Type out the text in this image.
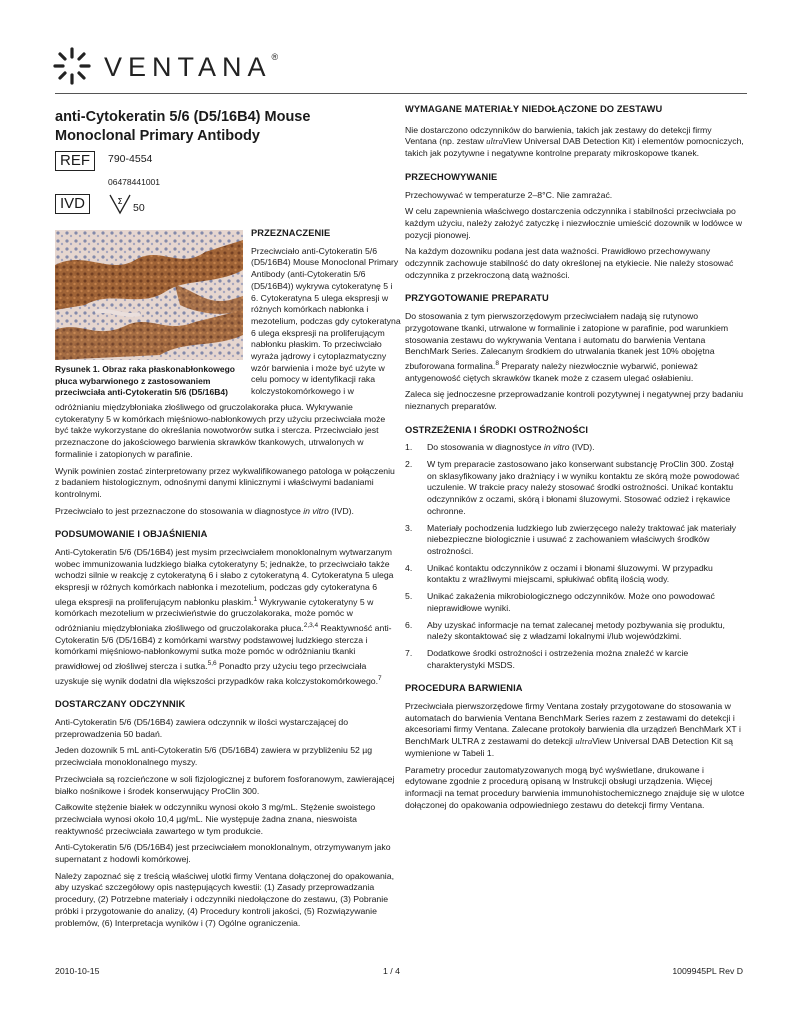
VENTANA®
anti-Cytokeratin 5/6 (D5/16B4) Mouse Monoclonal Primary Antibody
REF	790-4554
06478441001
IVD	Σ
50
Rysunek 1. Obraz raka płaskonabłonkowego płuca wybarwionego z zastosowaniem przeciwciała anti-Cytokeratin 5/6 (D5/16B4)
PRZEZNACZENIE
Przeciwciało anti-Cytokeratin 5/6
(D5/16B4) Mouse Monoclonal Primary
Antibody (anti-Cytokeratin 5/6
(D5/16B4)) wykrywa cytokeratynę 5 i
6. Cytokeratyna 5 ulega ekspresji w
różnych komórkach nabłonka i
mezotelium, podczas gdy cytokeratyna
6 ulega ekspresji na proliferującym
nabłonku płaskim. To przeciwciało
wyraża jądrowy i cytoplazmatyczny
wzór barwienia i może być użyte w
celu pomocy w identyfikacji raka
kolczystokomórkowego i w

odróżnianiu międzybłoniaka złośliwego od gruczolakoraka płuca. Wykrywanie cytokeratyny 5 w komórkach mięśniowo-nabłonkowych przy użyciu przeciwciała może być także wykorzystane do określania nowotworów sutka i stercza. Przeciwciało jest przeznaczone do jakościowego barwienia skrawków tkankowych, utrwalonych w formalinie i zatopionych w parafinie.

Wynik powinien zostać zinterpretowany przez wykwalifikowanego patologa w połączeniu z badaniem histologicznym, odnośnymi danymi klinicznymi i właściwymi badaniami kontrolnymi.

Przeciwciało to jest przeznaczone do stosowania w diagnostyce in vitro (IVD).

PODSUMOWANIE I OBJAŚNIENIA

Anti-Cytokeratin 5/6 (D5/16B4) jest mysim przeciwciałem monoklonalnym wytwarzanym wobec immunizowania ludzkiego białka cytokeratyny 5; jednakże, to przeciwciało także wchodzi silnie w reakcję z cytokeratyną 6 i słabo z cytokeratyną 4. Cytokeratyna 5 ulega ekspresji w różnych komórkach nabłonka i mezotelium, podczas gdy cytokeratyna 6 ulega ekspresji na proliferującym nabłonku płaskim.$^1$ Wykrywanie cytokeratyny 5 w komórkach mezotelium w przeciwieństwie do gruczolakoraka, może pomóc w odróżnianiu międzybłoniaka złośliwego od gruczolakoraka płuca.$^{2,3,4}$ Reaktywność anti-Cytokeratin 5/6 (D5/16B4) z komórkami warstwy podstawowej ludzkiego stercza i komórkami mięśniowo-nabłonkowymi sutka może pomóc w odróżnianiu tkanki prawidłowej od złośliwej stercza i sutka.$^{5,6}$ Ponadto przy użyciu tego przeciwciała uzyskuje się wynik dodatni dla większości przypadków raka kolczystokomórkowego.$^7$

DOSTARCZANY ODCZYNNIK

Anti-Cytokeratin 5/6 (D5/16B4) zawiera odczynnik w ilości wystarczającej do przeprowadzenia 50 badań.

Jeden dozownik 5 mL anti-Cytokeratin 5/6 (D5/16B4) zawiera w przybliżeniu 52 µg przeciwciała monoklonalnego myszy.

Przeciwciała są rozcieńczone w soli fizjologicznej z buforem fosforanowym, zawierającej białko nośnikowe i środek konserwujący ProClin 300.

Całkowite stężenie białek w odczynniku wynosi około 3 mg/mL. Stężenie swoistego przeciwciała wynosi około 10,4 µg/mL. Nie występuje żadna znana, nieswoista reaktywność przeciwciała zawartego w tym produkcie.

Anti-Cytokeratin 5/6 (D5/16B4) jest przeciwciałem monoklonalnym, otrzymywanym jako supernatant z hodowli komórkowej.

Należy zapoznać się z treścią właściwej ulotki firmy Ventana dołączonej do opakowania, aby uzyskać szczegółowy opis następujących kwestii: (1) Zasady przeprowadzania procedury, (2) Potrzebne materiały i odczynniki niedołączone do zestawu, (3) Pobranie próbki i przygotowanie do analizy, (4) Procedury kontroli jakości, (5) Rozwiązywanie problemów, (6) Interpretacja wyników i (7) Ogólne ograniczenia.

WYMAGANE MATERIAŁY NIEDOŁĄCZONE DO ZESTAWU

Nie dostarczono odczynników do barwienia, takich jak zestawy do detekcji firmy Ventana (np. zestaw ultraView Universal DAB Detection Kit) i elementów pomocniczych, takich jak pozytywne i negatywne kontrolne preparaty mikroskopowe tkanek.

PRZECHOWYWANIE

Przechowywać w temperaturze 2–8°C. Nie zamrażać.

W celu zapewnienia właściwego dostarczenia odczynnika i stabilności przeciwciała po każdym użyciu, należy założyć zatyczkę i niezwłocznie umieścić dozownik w lodówce w pozycji pionowej.

Na każdym dozowniku podana jest data ważności. Prawidłowo przechowywany odczynnik zachowuje stabilność do daty określonej na etykiecie. Nie należy stosować odczynnika z przekroczoną datą ważności.

PRZYGOTOWANIE PREPARATU

Do stosowania z tym pierwszorzędowym przeciwciałem nadają się rutynowo przygotowane tkanki, utrwalone w formalinie i zatopione w parafinie, pod warunkiem stosowania zestawu do wykrywania Ventana i automatu do barwienia Ventana BenchMark Series. Zalecanym środkiem do utrwalania tkanek jest 10% obojętna zbuforowana formalina.$^8$ Preparaty należy niezwłocznie wybarwić, ponieważ antygenowość ciętych skrawków tkanek może z czasem ulegać osłabieniu.

Zaleca się jednoczesne przeprowadzanie kontroli pozytywnej i negatywnej przy badaniu nieznanych preparatów.

OSTRZEŻENIA I ŚRODKI OSTROŻNOŚCI
1. Do stosowania w diagnostyce in vitro (IVD).
2. W tym preparacie zastosowano jako konserwant substancję ProClin 300. Zostął on sklasyfikowany jako drażniący i w wyniku kontaktu ze skórą może powodować uczulenie. W trakcie pracy należy stosować środki ostrożności. Unikać kontaktu odczynników z oczami, skórą i błonami śluzowymi. Stosować odzież i rękawice ochronne.
3. Materiały pochodzenia ludzkiego lub zwierzęcego należy traktować jak materiały niebezpieczne biologicznie i usuwać z zachowaniem właściwych środków ostrożności.
4. Unikać kontaktu odczynników z oczami i błonami śluzowymi. W przypadku kontaktu z wrażliwymi miejscami, spłukiwać obfitą ilością wody.
5. Unikać zakażenia mikrobiologicznego odczynników. Może ono powodować nieprawidłowe wyniki.
6. Aby uzyskać informacje na temat zalecanej metody pozbywania się produktu, należy skontaktować się z władzami lokalnymi i/lub wojewódzkimi.
7. Dodatkowe środki ostrożności i ostrzeżenia można znaleźć w karcie charakterystyki MSDS.
PROCEDURA BARWIENIA

Przeciwciała pierwszorzędowe firmy Ventana zostały przygotowane do stosowania w automatach do barwienia Ventana BenchMark Series razem z zestawami do detekcji i akcesoriami firmy Ventana. Zalecane protokoły barwienia dla urządzeń BenchMark XT i BenchMark ULTRA z zestawami do detekcji ultraView Universal DAB Detection Kit są wymienione w Tabeli 1.

Parametry procedur zautomatyzowanych mogą być wyświetlane, drukowane i edytowane zgodnie z procedurą opisaną w Instrukcji obsługi urządzenia. Więcej informacji na temat procedury barwienia immunohistochemicznego znajduje się w ulotce dołączonej do opakowania odpowiedniego zestawu do detekcji firmy Ventana.

2010-10-15	1 / 4	1009945PL Rev D
